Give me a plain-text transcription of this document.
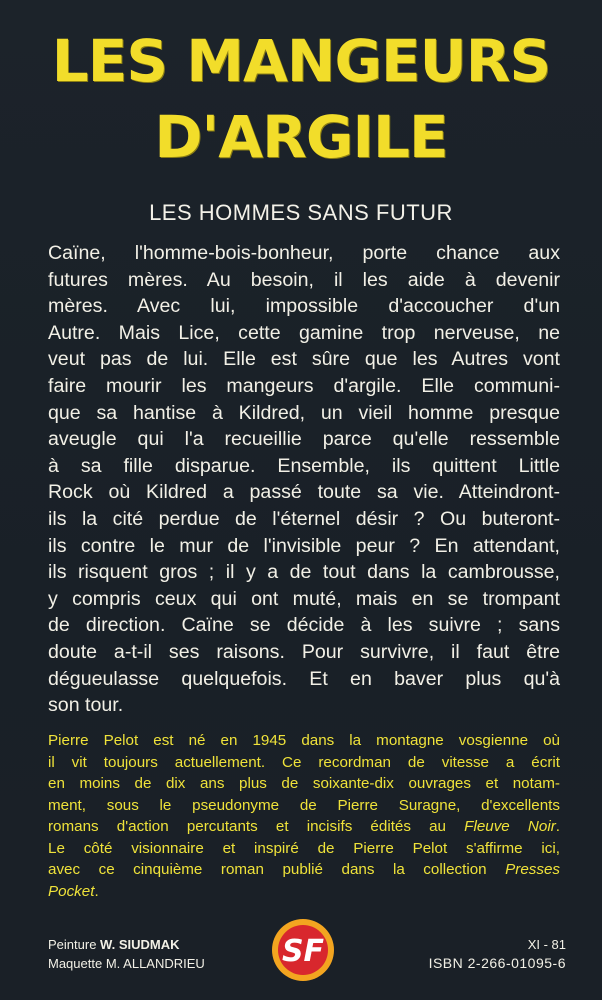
LES MANGEURS
D'ARGILE
LES HOMMES SANS FUTUR
Caïne, l'homme-bois-bonheur, porte chance aux
futures mères. Au besoin, il les aide à devenir
mères. Avec lui, impossible d'accoucher d'un
Autre. Mais Lice, cette gamine trop nerveuse, ne
veut pas de lui. Elle est sûre que les Autres vont
faire mourir les mangeurs d'argile. Elle communi-
que sa hantise à Kildred, un vieil homme presque
aveugle qui l'a recueillie parce qu'elle ressemble
à sa fille disparue. Ensemble, ils quittent Little
Rock où Kildred a passé toute sa vie. Atteindront-
ils la cité perdue de l'éternel désir ? Ou buteront-
ils contre le mur de l'invisible peur ? En attendant,
ils risquent gros ; il y a de tout dans la cambrousse,
y compris ceux qui ont muté, mais en se trompant
de direction. Caïne se décide à les suivre ; sans
doute a-t-il ses raisons. Pour survivre, il faut être
dégueulasse quelquefois. Et en baver plus qu'à
son tour.
Pierre Pelot est né en 1945 dans la montagne vosgienne où
il vit toujours actuellement. Ce recordman de vitesse a écrit
en moins de dix ans plus de soixante-dix ouvrages et notam-
ment, sous le pseudonyme de Pierre Suragne, d'excellents
romans d'action percutants et incisifs édités au Fleuve Noir.
Le côté visionnaire et inspiré de Pierre Pelot s'affirme ici,
avec ce cinquième roman publié dans la collection Presses
Pocket.
Peinture W. SIUDMAK
Maquette M. ALLANDRIEU	SF	XI - 81
ISBN 2-266-01095-6
